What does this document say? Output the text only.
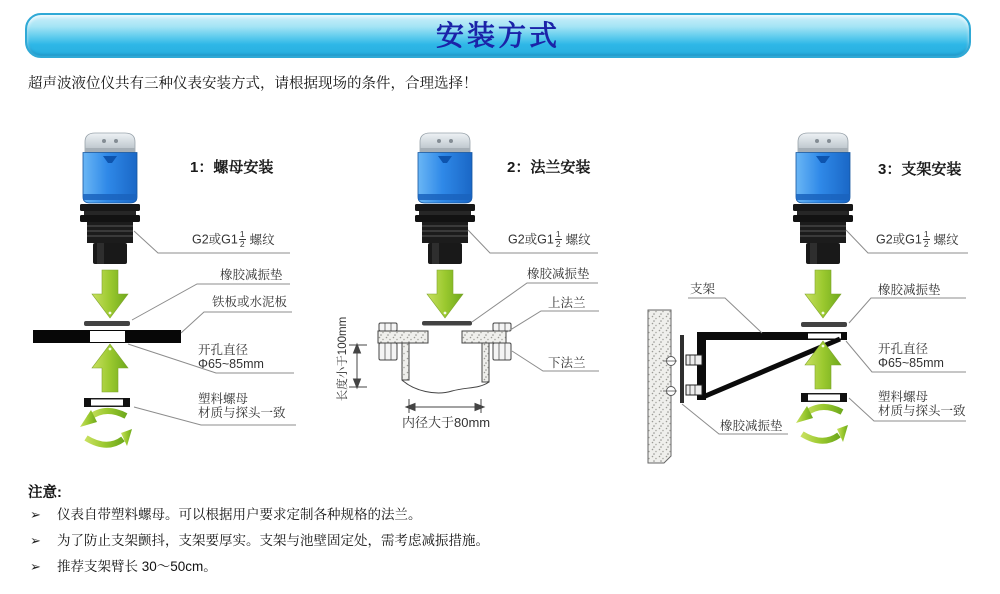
安装方式
超声波液位仪共有三种仪表安装方式，请根据现场的条件，合理选择！
1：螺母安装	2：法兰安装	3：支架安装
G2或$G1 \frac{1}{2}$ 螺纹
橡胶减振垫
铁板或水泥板
开孔直径
Φ65~85mm
塑料螺母
材质与探头一致
G2或$G1 \frac{1}{2}$ 螺纹
橡胶减振垫
上法兰
下法兰
长度小于100mm
内径大于80mm
支架
G2或$G1 \frac{1}{2}$ 螺纹
橡胶减振垫
开孔直径
Φ65~85mm
塑料螺母
材质与探头一致
橡胶减振垫
注意:
➢ 仪表自带塑料螺母。可以根据用户要求定制各种规格的法兰。
➢ 为了防止支架颤抖，支架要厚实。支架与池壁固定处，需考虑减振措施。
➢ 推荐支架臂长 30～50cm。
